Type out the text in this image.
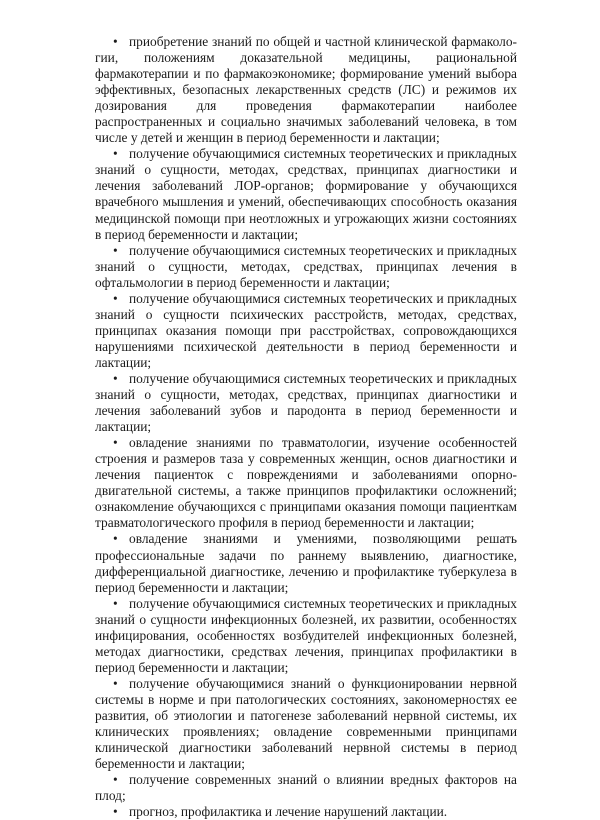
• приобретение знаний по общей и частной клинической фармакологии, положениям доказательной медицины, рациональной фармакотерапии и по фармакоэкономике; формирование умений выбора эффективных, безопасных лекарственных средств (ЛС) и режимов их дозирования для проведения фармакотерапии наиболее распространенных и социально значимых заболеваний человека, в том числе у детей и женщин в период беременности и лактации;

• получение обучающимися системных теоретических и прикладных знаний о сущности, методах, средствах, принципах диагностики и лечения заболеваний ЛОР-органов; формирование у обучающихся врачебного мышления и умений, обеспечивающих способность оказания медицинской помощи при неотложных и угрожающих жизни состояниях в период беременности и лактации;

• получение обучающимися системных теоретических и прикладных знаний о сущности, методах, средствах, принципах лечения в офтальмологии в период беременности и лактации;

• получение обучающимися системных теоретических и прикладных знаний о сущности психических расстройств, методах, средствах, принципах оказания помощи при расстройствах, сопровождающихся нарушениями психической деятельности в период беременности и лактации;

• получение обучающимися системных теоретических и прикладных знаний о сущности, методах, средствах, принципах диагностики и лечения заболеваний зубов и пародонта в период беременности и лактации;

• овладение знаниями по травматологии, изучение особенностей строения и размеров таза у современных женщин, основ диагностики и лечения пациенток с повреждениями и заболеваниями опорно-двигательной системы, а также принципов профилактики осложнений; ознакомление обучающихся с принципами оказания помощи пациенткам травматологического профиля в период беременности и лактации;

• овладение знаниями и умениями, позволяющими решать профессиональные задачи по раннему выявлению, диагностике, дифференциальной диагностике, лечению и профилактике туберкулеза в период беременности и лактации;

• получение обучающимися системных теоретических и прикладных знаний о сущности инфекционных болезней, их развитии, особенностях инфицирования, особенностях возбудителей инфекционных болезней, методах диагностики, средствах лечения, принципах профилактики в период беременности и лактации;

• получение обучающимися знаний о функционировании нервной системы в норме и при патологических состояниях, закономерностях ее развития, об этиологии и патогенезе заболеваний нервной системы, их клинических проявлениях; овладение современными принципами клинической диагностики заболеваний нервной системы в период беременности и лактации;

• получение современных знаний о влиянии вредных факторов на плод;

• прогноз, профилактика и лечение нарушений лактации.
